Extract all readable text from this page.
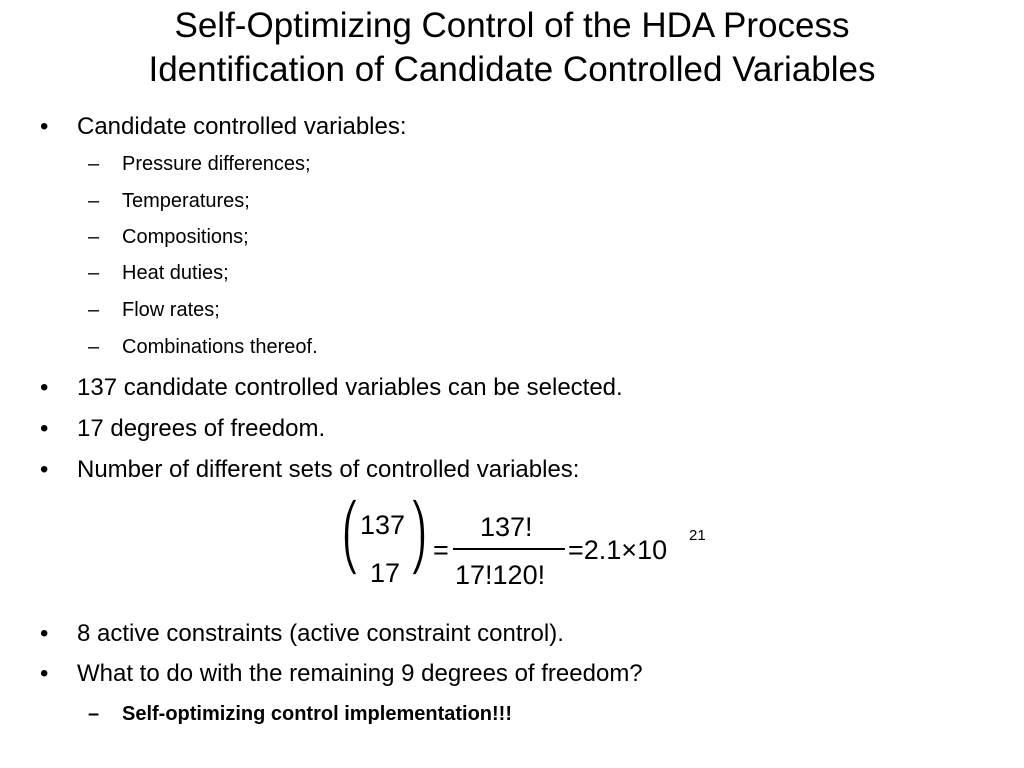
Self-Optimizing Control of the HDA Process
Identification of Candidate Controlled Variables
• Candidate controlled variables:
– Pressure differences;
– Temperatures;
– Compositions;
– Heat duties;
– Flow rates;
– Combinations thereof.
• 137 candidate controlled variables can be selected.
• 17 degrees of freedom.
• Number of different sets of controlled variables:
⎛
⎝
137
17
⎞
⎠ =
137!
17!120!
=2.1×10 21
• 8 active constraints (active constraint control).
• What to do with the remaining 9 degrees of freedom?
– Self-optimizing control implementation!!!
